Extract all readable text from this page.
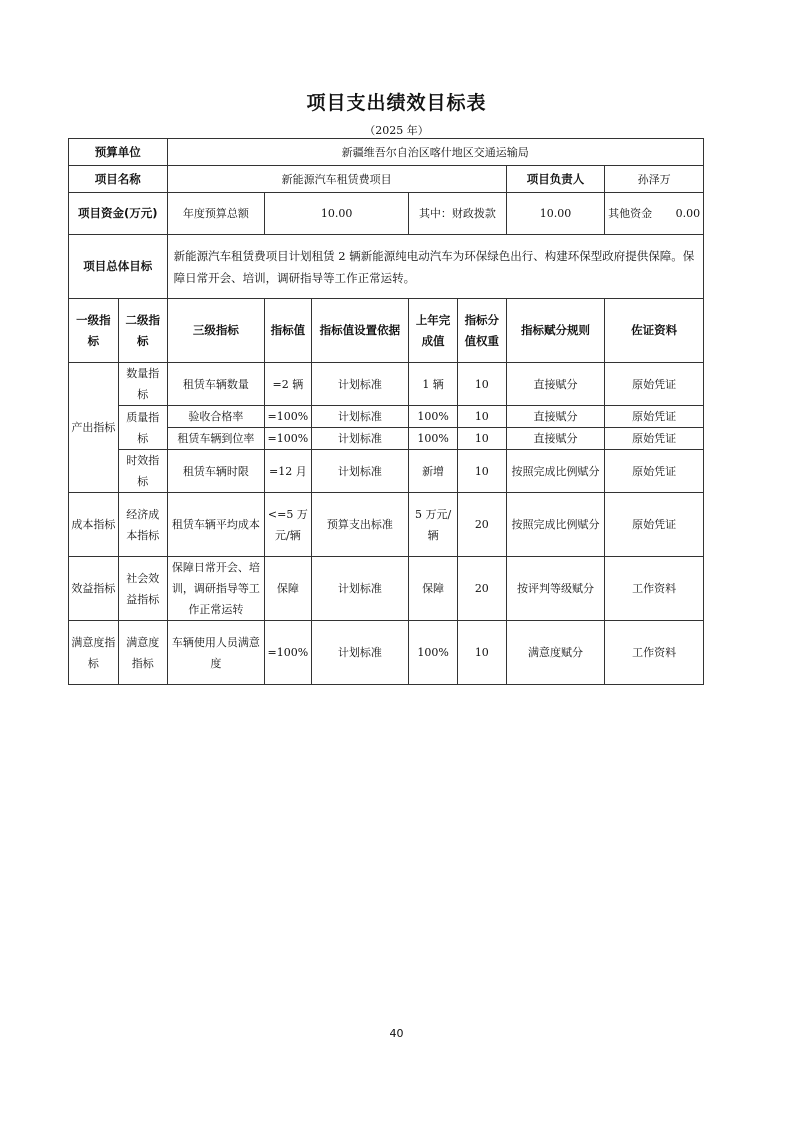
项目支出绩效目标表
（2025 年）
预算单位		新疆维吾尔自治区喀什地区交通运输局						
项目名称		新能源汽车租赁费项目					项目负责人	孙泽万
项目资金(万元)		年度预算总额	10.00		其中：财政拨款		10.00	其他资金 0.00
项目总体目标		新能源汽车租赁费项目计划租赁 2 辆新能源纯电动汽车为环保绿色出行、构建环保型政府提供保障。保障日常开会、培训，调研指导等工作正常运转。						
一级指标	二级指标	三级指标	指标值	指标值设置依据	上年完成值	指标分值权重	指标赋分规则	佐证资料
产出指标	数量指标	租赁车辆数量	=2 辆	计划标准	1 辆	10	直接赋分	原始凭证
	质量指标	验收合格率	=100%	计划标准	100%	10	直接赋分	原始凭证
		租赁车辆到位率	=100%	计划标准	100%	10	直接赋分	原始凭证
	时效指标	租赁车辆时限	=12 月	计划标准	新增	10	按照完成比例赋分	原始凭证
成本指标	经济成本指标	租赁车辆平均成本	<=5 万元/辆	预算支出标准	5 万元/辆	20	按照完成比例赋分	原始凭证
效益指标	社会效益指标	保障日常开会、培训，调研指导等工作正常运转	保障	计划标准	保障	20	按评判等级赋分	工作资料
满意度指标	满意度指标	车辆使用人员满意度	=100%	计划标准	100%	10	满意度赋分	工作资料
40
